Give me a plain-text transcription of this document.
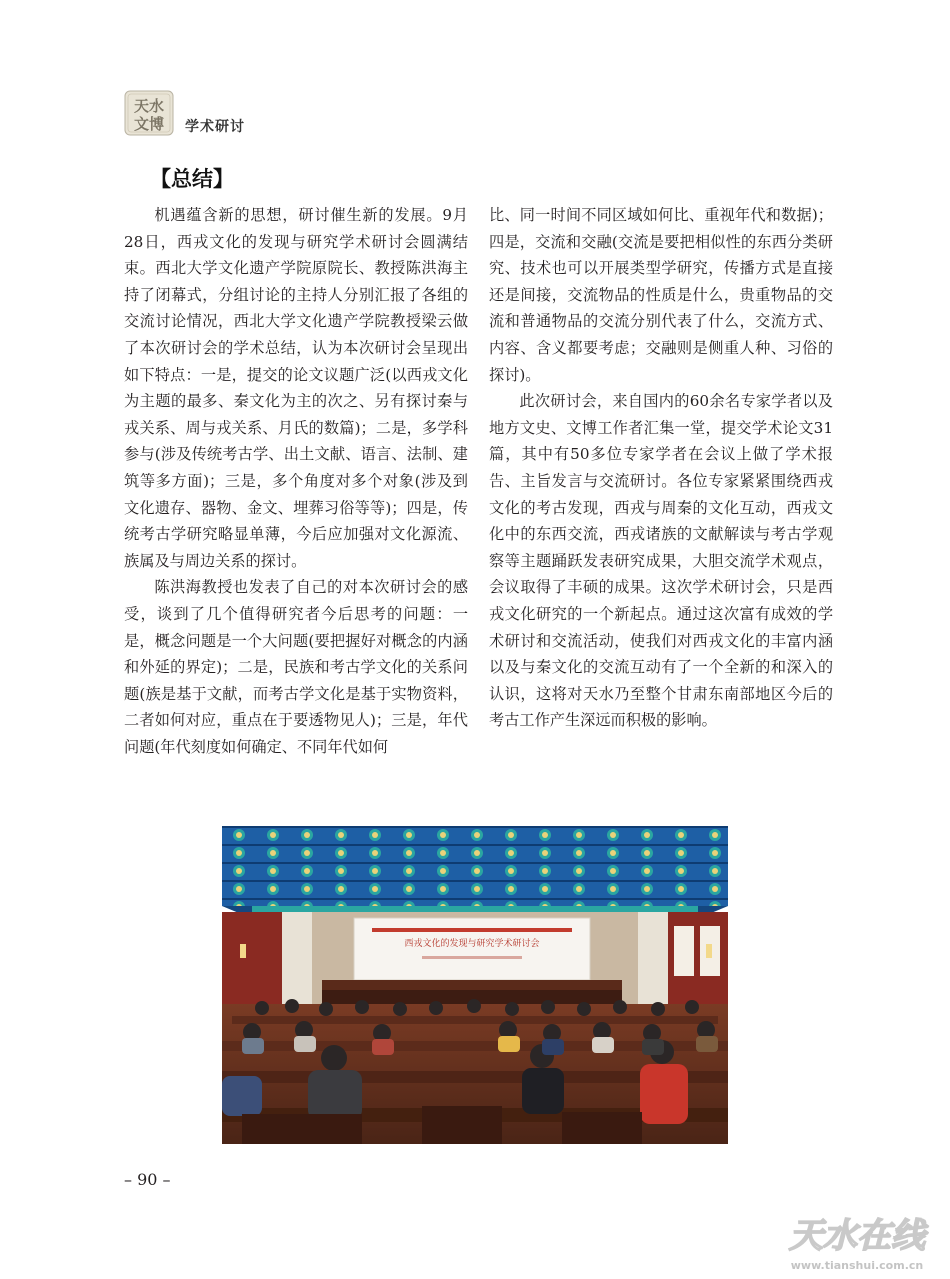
天水
文博 学术研讨
【总结】

机遇蕴含新的思想，研讨催生新的发展。9月28日，西戎文化的发现与研究学术研讨会圆满结束。西北大学文化遗产学院原院长、教授陈洪海主持了闭幕式，分组讨论的主持人分别汇报了各组的交流讨论情况，西北大学文化遗产学院教授梁云做了本次研讨会的学术总结，认为本次研讨会呈现出如下特点：一是，提交的论文议题广泛(以西戎文化为主题的最多、秦文化为主的次之、另有探讨秦与戎关系、周与戎关系、月氏的数篇)；二是，多学科参与(涉及传统考古学、出土文献、语言、法制、建筑等多方面)；三是，多个角度对多个对象(涉及到文化遗存、器物、金文、埋葬习俗等等)；四是，传统考古学研究略显单薄，今后应加强对文化源流、族属及与周边关系的探讨。

陈洪海教授也发表了自己的对本次研讨会的感受，谈到了几个值得研究者今后思考的问题：一是，概念问题是一个大问题(要把握好对概念的内涵和外延的界定)；二是，民族和考古学文化的关系问题(族是基于文献，而考古学文化是基于实物资料，二者如何对应，重点在于要透物见人)；三是，年代问题(年代刻度如何确定、不同年代如何

比、同一时间不同区域如何比、重视年代和数据)；四是，交流和交融(交流是要把相似性的东西分类研究、技术也可以开展类型学研究，传播方式是直接还是间接，交流物品的性质是什么，贵重物品的交流和普通物品的交流分别代表了什么，交流方式、内容、含义都要考虑；交融则是侧重人种、习俗的探讨)。

此次研讨会，来自国内的60余名专家学者以及地方文史、文博工作者汇集一堂，提交学术论文31篇，其中有50多位专家学者在会议上做了学术报告、主旨发言与交流研讨。各位专家紧紧围绕西戎文化的考古发现，西戎与周秦的文化互动，西戎文化中的东西交流，西戎诸族的文献解读与考古学观察等主题踊跃发表研究成果，大胆交流学术观点，会议取得了丰硕的成果。这次学术研讨会，只是西戎文化研究的一个新起点。通过这次富有成效的学术研讨和交流活动，使我们对西戎文化的丰富内涵以及与秦文化的交流互动有了一个全新的和深入的认识，这将对天水乃至整个甘肃东南部地区今后的考古工作产生深远而积极的影响。

西戎文化的发现与研究学术研讨会
– 90 –
天水在线
www.tianshui.com.cn
